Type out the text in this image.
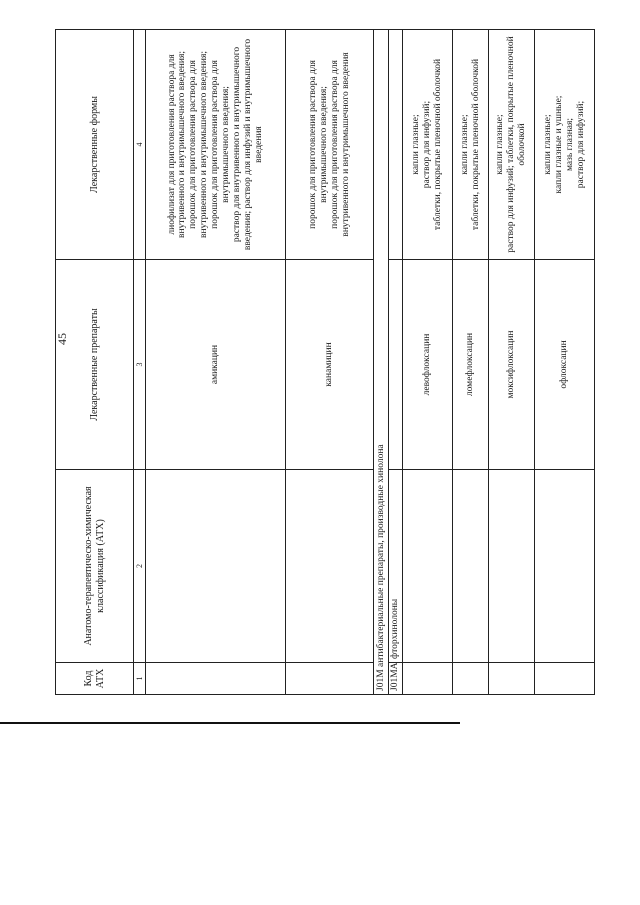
45
Код АТХ	Анатомо-терапевтическо-химическая классификация (АТХ)	Лекарственные препараты	Лекарственные формы
1	2	3	4
		амикацин	лиофилизат для приготовления раствора для внутривенного и внутримышечного введения; порошок для приготовления раствора для внутривенного и внутримышечного введения; порошок для приготовления раствора для внутримышечного введения; раствор для внутривенного и внутримышечного введения; раствор для инфузий и внутримышечного введения

		канамицин	порошок для приготовления раствора для внутримышечного введения; порошок для приготовления раствора для внутривенного и внутримышечного введения

J01M антибактериальные препараты, производные хинолона			
J01MA	фторхинолоны		
		левофлоксацин	капли глазные; раствор для инфузий; таблетки, покрытые пленочной оболочкой

		ломефлоксацин	капли глазные; таблетки, покрытые пленочной оболочкой

		моксифлоксацин	капли глазные; раствор для инфузий; таблетки, покрытые пленочной оболочкой

		офлоксацин	капли глазные; капли глазные и ушные; мазь глазная; раствор для инфузий;
